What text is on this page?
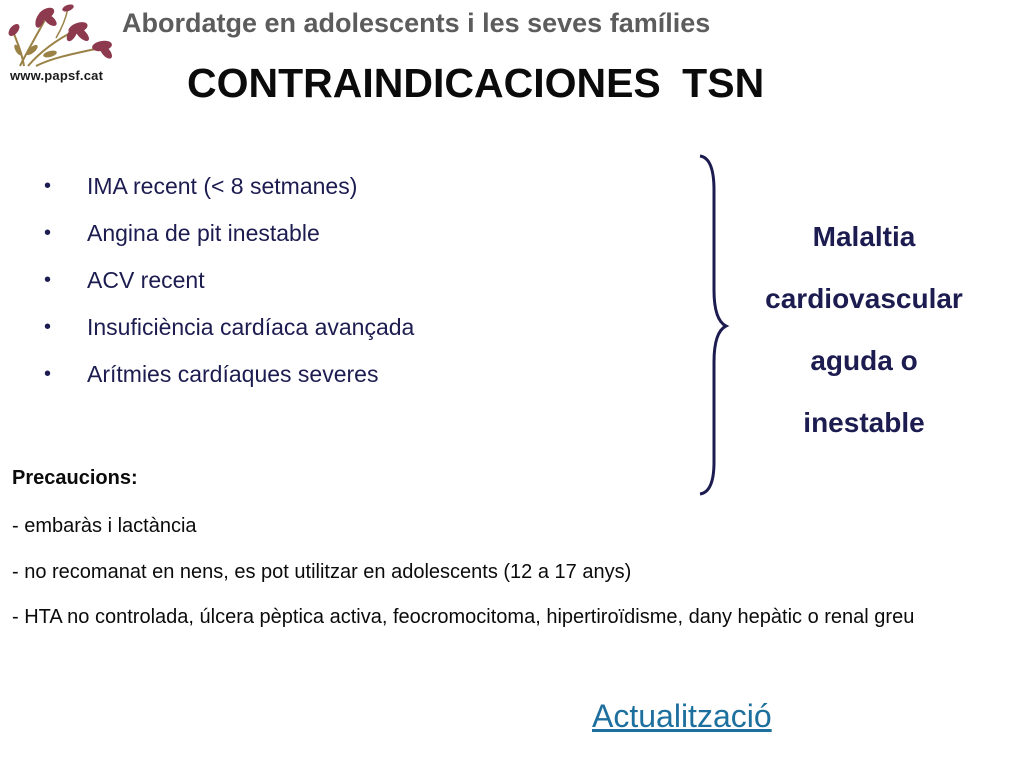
www.papsf.cat
Abordatge en adolescents i les seves famílies
CONTRAINDICACIONES TSN
• IMA recent (< 8 setmanes)
• Angina de pit inestable
• ACV recent
• Insuficiència cardíaca avançada
• Arítmies cardíaques severes
Malaltia
cardiovascular
aguda o
inestable
Precaucions:
- embaràs i lactància
- no recomanat en nens, es pot utilitzar en adolescents (12 a 17 anys)
- HTA no controlada, úlcera pèptica activa, feocromocitoma, hipertiroïdisme, dany hepàtic o renal greu
Actualització
